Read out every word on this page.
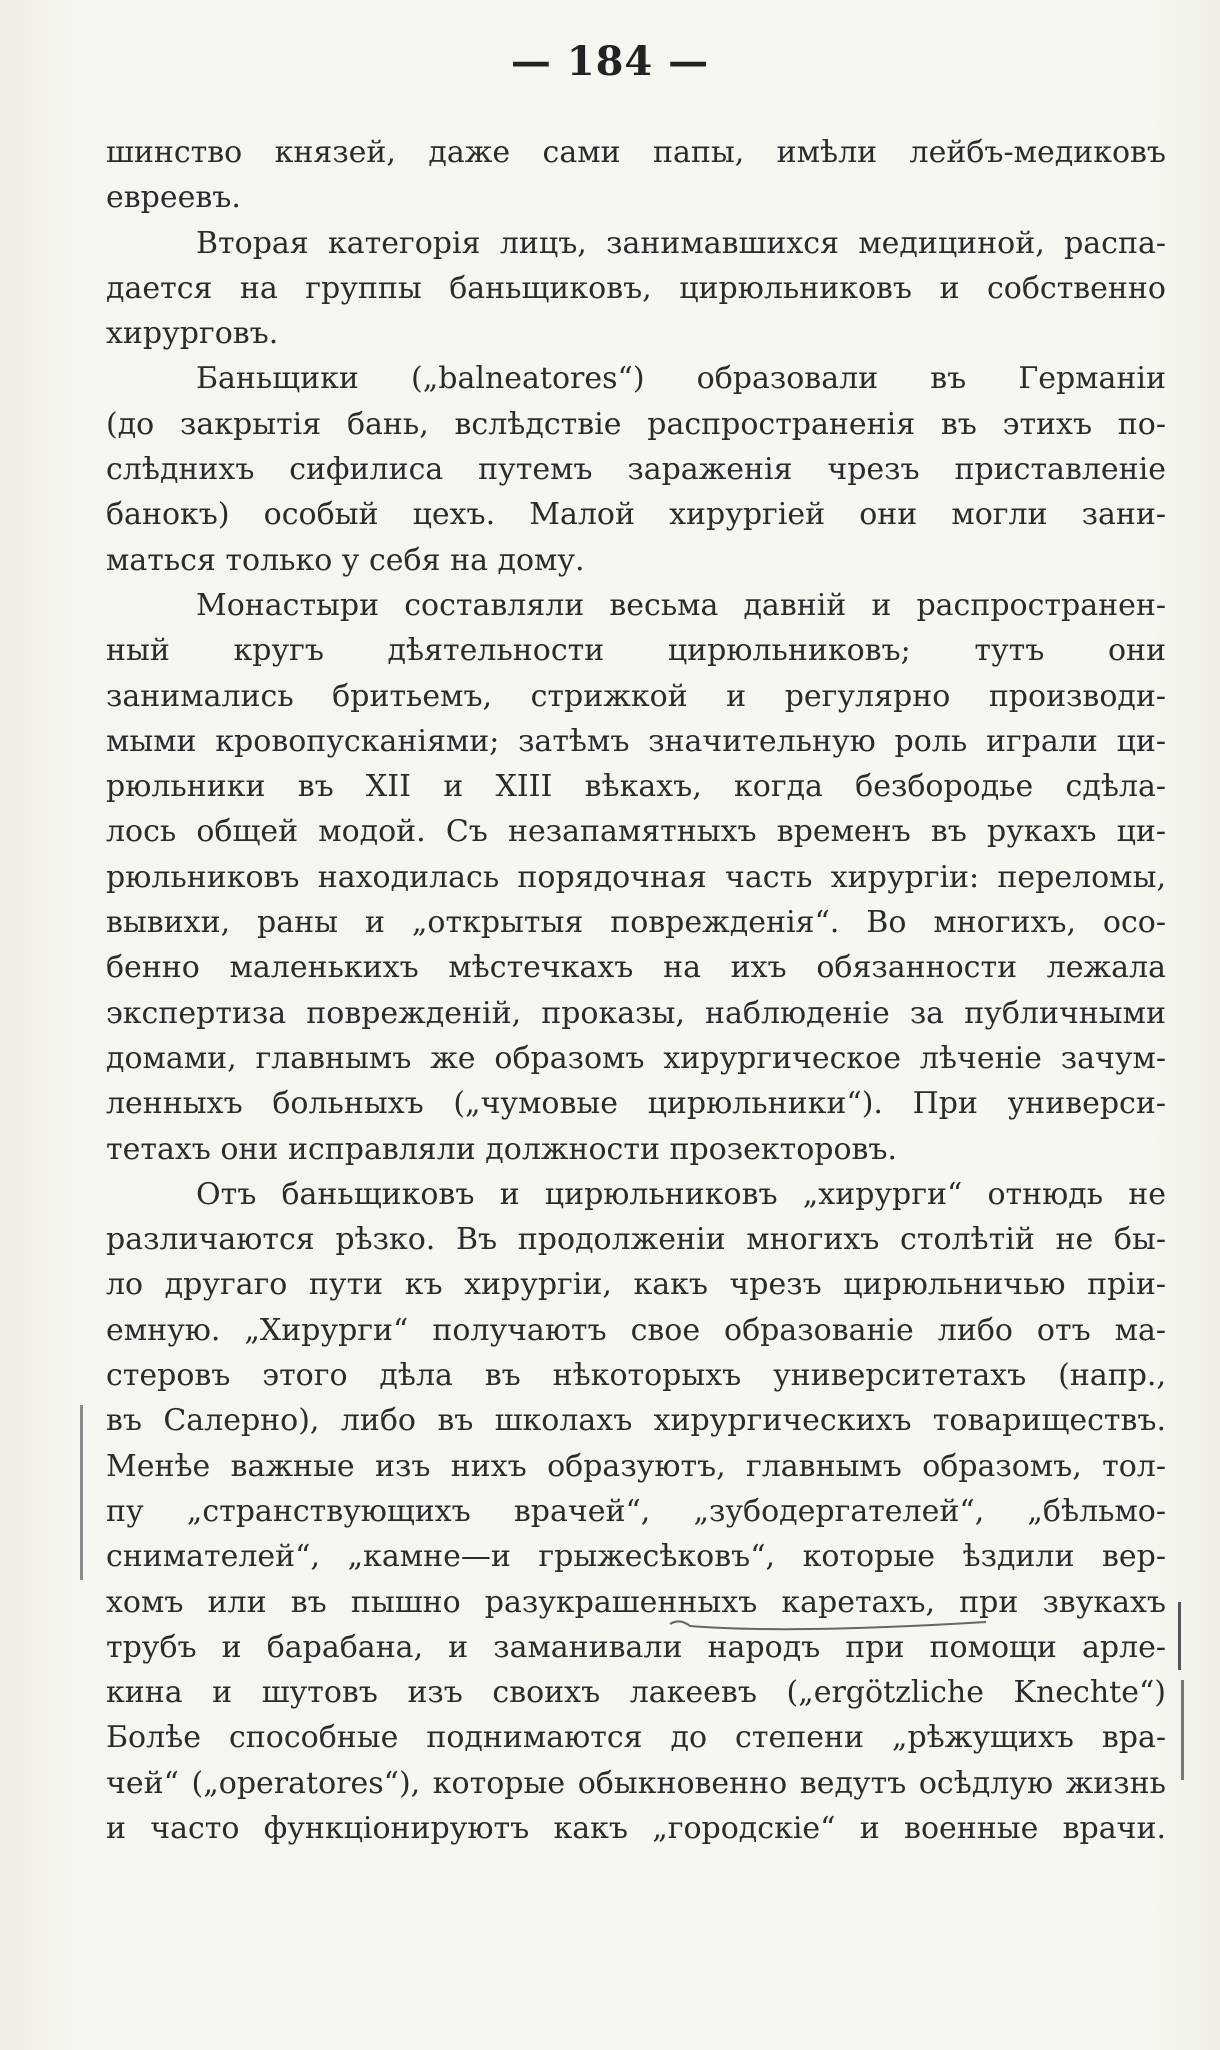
— 184 —
шинство князей, даже сами папы, имѣли лейбъ-медиковъ
евреевъ.
Вторая категорія лицъ, занимавшихся медициной, распа-
дается на группы баньщиковъ, цирюльниковъ и собственно
хирурговъ.
Баньщики („balneatores“) образовали въ Германіи
(до закрытія бань, вслѣдствіе распространенія въ этихъ по-
слѣднихъ сифилиса путемъ зараженія чрезъ приставленіе
банокъ) особый цехъ. Малой хирургіей они могли зани-
маться только у себя на дому.
Монастыри составляли весьма давній и распространен-
ный кругъ дѣятельности цирюльниковъ; тутъ они
занимались бритьемъ, стрижкой и регулярно производи-
мыми кровопусканіями; затѣмъ значительную роль играли ци-
рюльники въ XII и XIII вѣкахъ, когда безбородье сдѣла-
лось общей модой. Съ незапамятныхъ временъ въ рукахъ ци-
рюльниковъ находилась порядочная часть хирургіи: переломы,
вывихи, раны и „открытыя поврежденія“. Во многихъ, осо-
бенно маленькихъ мѣстечкахъ на ихъ обязанности лежала
экспертиза поврежденій, проказы, наблюденіе за публичными
домами, главнымъ же образомъ хирургическое лѣченіе зачум-
ленныхъ больныхъ („чумовые цирюльники“). При универси-
тетахъ они исправляли должности прозекторовъ.
Отъ баньщиковъ и цирюльниковъ „хирурги“ отнюдь не
различаются рѣзко. Въ продолженіи многихъ столѣтій не бы-
ло другаго пути къ хирургіи, какъ чрезъ цирюльничью пріи-
емную. „Хирурги“ получаютъ свое образованіе либо отъ ма-
стеровъ этого дѣла въ нѣкоторыхъ университетахъ (напр.,
въ Салерно), либо въ школахъ хирургическихъ товариществъ.
Менѣе важные изъ нихъ образуютъ, главнымъ образомъ, тол-
пу „странствующихъ врачей“, „зубодергателей“, „бѣльмо-
снимателей“, „камне—и грыжесѣковъ“, которые ѣздили вер-
хомъ или въ пышно разукрашенныхъ каретахъ, при звукахъ
трубъ и барабана, и заманивали народъ при помощи арле-
кина и шутовъ изъ своихъ лакеевъ („ergötzliche Knechte“)
Болѣе способные поднимаются до степени „рѣжущихъ вра-
чей“ („operatores“), которые обыкновенно ведутъ осѣдлую жизнь
и часто функціонируютъ какъ „городскіе“ и военные врачи.
